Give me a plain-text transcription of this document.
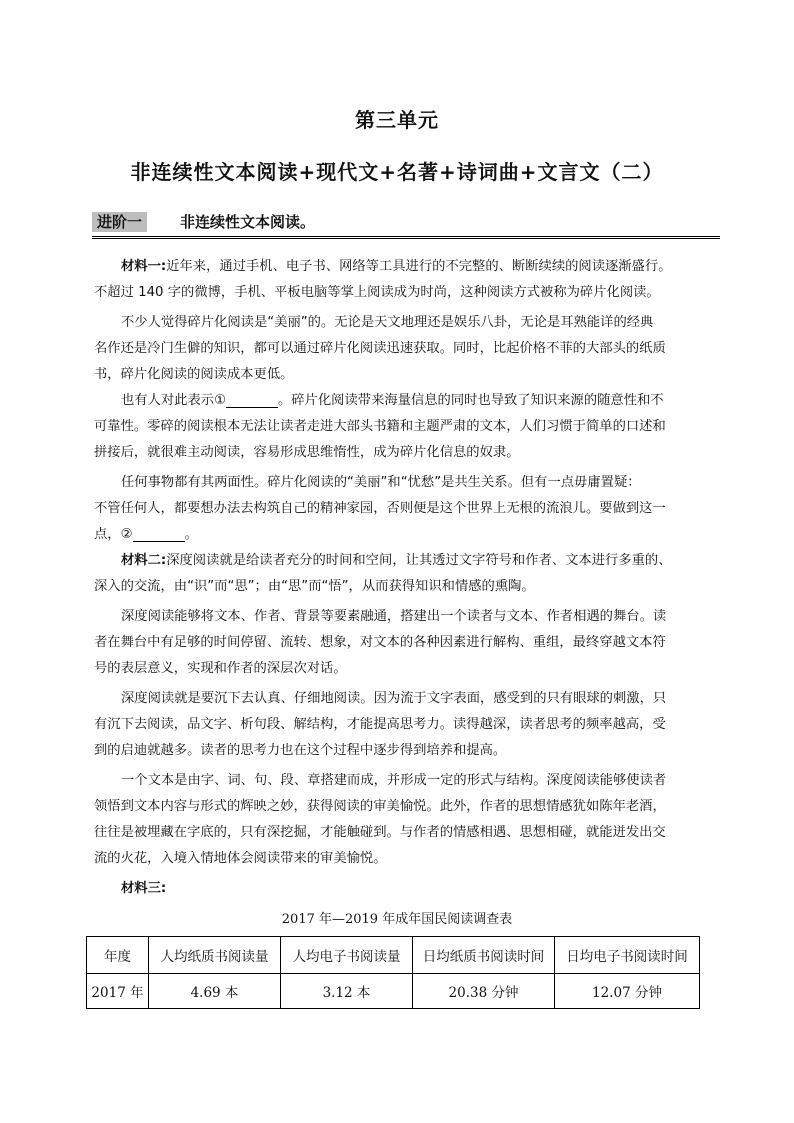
第三单元
非连续性文本阅读+现代文+名著+诗词曲+文言文（二）
进阶一	非连续性文本阅读。
材料一:近年来，通过手机、电子书、网络等工具进行的不完整的、断断续续的阅读逐渐盛行。
不超过 140 字的微博，手机、平板电脑等掌上阅读成为时尚，这种阅读方式被称为碎片化阅读。
不少人觉得碎片化阅读是“美丽”的。无论是天文地理还是娱乐八卦，无论是耳熟能详的经典
名作还是冷门生僻的知识，都可以通过碎片化阅读迅速获取。同时，比起价格不菲的大部头的纸质
书，碎片化阅读的阅读成本更低。
也有人对此表示①	。碎片化阅读带来海量信息的同时也导致了知识来源的随意性和不
可靠性。零碎的阅读根本无法让读者走进大部头书籍和主题严肃的文本，人们习惯于简单的口述和
拼接后，就很难主动阅读，容易形成思维惰性，成为碎片化信息的奴隶。
任何事物都有其两面性。碎片化阅读的“美丽”和“忧愁”是共生关系。但有一点毋庸置疑：
不管任何人，都要想办法去构筑自己的精神家园，否则便是这个世界上无根的流浪儿。要做到这一
点，②	。
材料二:深度阅读就是给读者充分的时间和空间，让其透过文字符号和作者、文本进行多重的、
深入的交流，由“识”而“思”；由“思”而“悟”，从而获得知识和情感的熏陶。
深度阅读能够将文本、作者、背景等要素融通，搭建出一个读者与文本、作者相遇的舞台。读
者在舞台中有足够的时间停留、流转、想象，对文本的各种因素进行解构、重组，最终穿越文本符
号的表层意义，实现和作者的深层次对话。
深度阅读就是要沉下去认真、仔细地阅读。因为流于文字表面，感受到的只有眼球的刺激，只
有沉下去阅读，品文字、析句段、解结构，才能提高思考力。读得越深，读者思考的频率越高，受
到的启迪就越多。读者的思考力也在这个过程中逐步得到培养和提高。
一个文本是由字、词、句、段、章搭建而成，并形成一定的形式与结构。深度阅读能够使读者
领悟到文本内容与形式的辉映之妙，获得阅读的审美愉悦。此外，作者的思想情感犹如陈年老酒，
往往是被埋藏在字底的，只有深挖掘，才能触碰到。与作者的情感相遇、思想相碰，就能迸发出交
流的火花，入境入情地体会阅读带来的审美愉悦。
材料三:
2017 年—2019 年成年国民阅读调查表
年度	人均纸质书阅读量	人均电子书阅读量	日均纸质书阅读时间	日均电子书阅读时间
2017 年	4.69 本	3.12 本	20.38 分钟	12.07 分钟
